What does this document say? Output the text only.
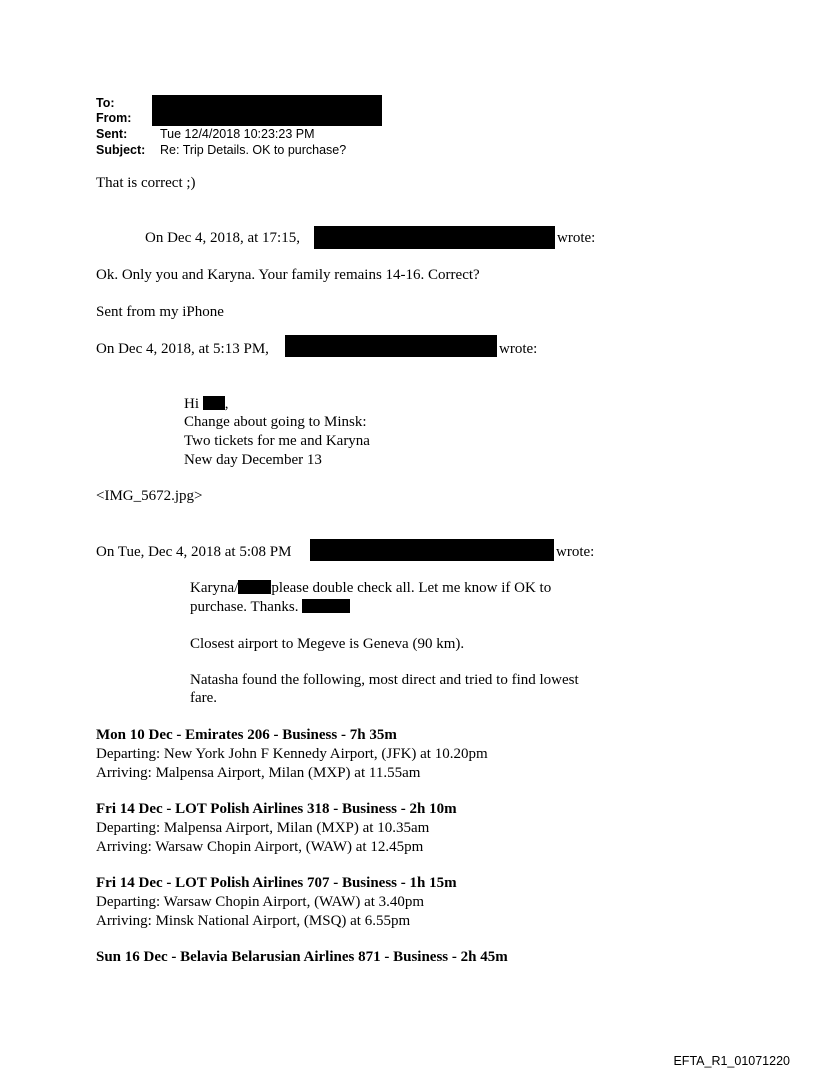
To:
From:
Sent:	Tue 12/4/2018 10:23:23 PM
Subject: Re: Trip Details. OK to purchase?
That is correct ;)
On Dec 4, 2018, at 17:15,	wrote:
Ok. Only you and Karyna. Your family remains 14-16. Correct?
Sent from my iPhone
On Dec 4, 2018, at 5:13 PM,	wrote:
Hi ,
Change about going to Minsk:
Two tickets for me and Karyna
New day December 13
<IMG_5672.jpg>
On Tue, Dec 4, 2018 at 5:08 PM	wrote:
Karyna/ please double check all. Let me know if OK to
purchase. Thanks.
Closest airport to Megeve is Geneva (90 km).
Natasha found the following, most direct and tried to find lowest
fare.
Mon 10 Dec - Emirates 206 - Business - 7h 35m
Departing: New York John F Kennedy Airport, (JFK) at 10.20pm
Arriving: Malpensa Airport, Milan (MXP) at 11.55am
Fri 14 Dec - LOT Polish Airlines 318 - Business - 2h 10m
Departing: Malpensa Airport, Milan (MXP) at 10.35am
Arriving: Warsaw Chopin Airport, (WAW) at 12.45pm
Fri 14 Dec - LOT Polish Airlines 707 - Business - 1h 15m
Departing: Warsaw Chopin Airport, (WAW) at 3.40pm
Arriving: Minsk National Airport, (MSQ) at 6.55pm
Sun 16 Dec - Belavia Belarusian Airlines 871 - Business - 2h 45m
EFTA_R1_01071220
